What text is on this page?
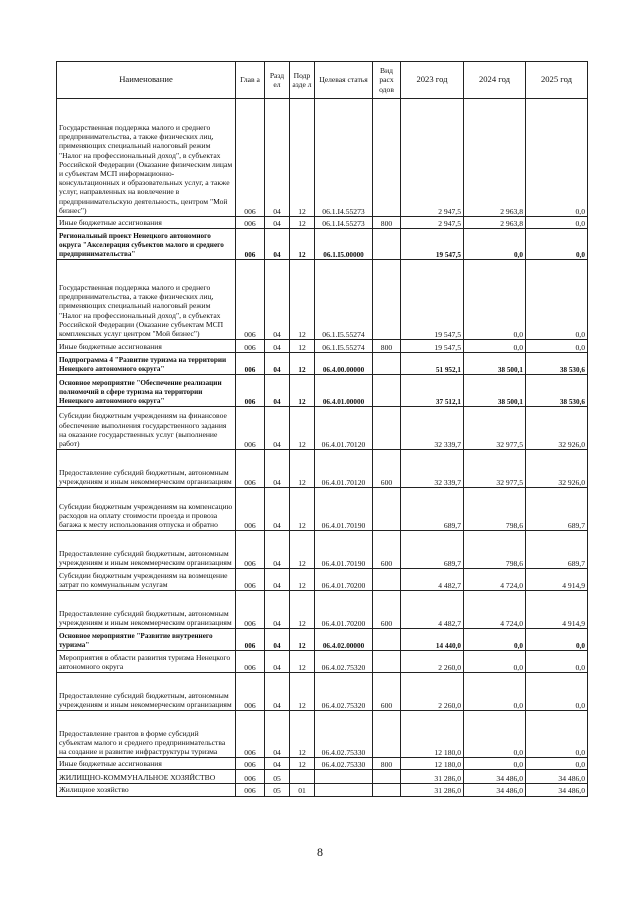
Наименование	Глав а	Разд ел	Подр азде л	Целевая статья	Вид расх одов	2023 год	2024 год	2025 год
Государственная поддержка малого и среднего предпринимательства, а также физических лиц, применяющих специальный налоговый режим "Налог на профессиональный доход", в субъектах Российской Федерации (Оказание физическим лицам и субъектам МСП информационно-консультационных и образовательных услуг, а также услуг, направленных на вовлечение в предпринимательскую деятельность, центром "Мой бизнес")	006	04	12	06.1.I4.55273		2 947,5	2 963,8	0,0
Иные бюджетные ассигнования	006	04	12	06.1.I4.55273	800	2 947,5	2 963,8	0,0
Региональный проект Ненецкого автономного округа "Акселерация субъектов малого и среднего предпринимательства"	006	04	12	06.1.I5.00000		19 547,5	0,0	0,0
Государственная поддержка малого и среднего предпринимательства, а также физических лиц, применяющих специальный налоговый режим "Налог на профессиональный доход", в субъектах Российской Федерации (Оказание субъектам МСП комплексных услуг центром "Мой бизнес")	006	04	12	06.1.I5.55274		19 547,5	0,0	0,0
Иные бюджетные ассигнования	006	04	12	06.1.I5.55274	800	19 547,5	0,0	0,0
Подпрограмма 4 "Развитие туризма на территории Ненецкого автономного округа"	006	04	12	06.4.00.00000		51 952,1	38 500,1	38 530,6
Основное мероприятие "Обеспечение реализации полномочий в сфере туризма на территории Ненецкого автономного округа"	006	04	12	06.4.01.00000		37 512,1	38 500,1	38 530,6
Субсидии бюджетным учреждениям на финансовое обеспечение выполнения государственного задания на оказание государственных услуг (выполнение работ)	006	04	12	06.4.01.70120		32 339,7	32 977,5	32 926,0
Предоставление субсидий бюджетным, автономным учреждениям и иным некоммерческим организациям	006	04	12	06.4.01.70120	600	32 339,7	32 977,5	32 926,0
Субсидии бюджетным учреждениям на компенсацию расходов на оплату стоимости проезда и провоза багажа к месту использования отпуска и обратно	006	04	12	06.4.01.70190		689,7	798,6	689,7
Предоставление субсидий бюджетным, автономным учреждениям и иным некоммерческим организациям	006	04	12	06.4.01.70190	600	689,7	798,6	689,7
Субсидии бюджетным учреждениям на возмещение затрат по коммунальным услугам	006	04	12	06.4.01.70200		4 482,7	4 724,0	4 914,9
Предоставление субсидий бюджетным, автономным учреждениям и иным некоммерческим организациям	006	04	12	06.4.01.70200	600	4 482,7	4 724,0	4 914,9
Основное мероприятие "Развитие внутреннего туризма"	006	04	12	06.4.02.00000		14 440,0	0,0	0,0
Мероприятия в области развития туризма Ненецкого автономного округа	006	04	12	06.4.02.75320		2 260,0	0,0	0,0
Предоставление субсидий бюджетным, автономным учреждениям и иным некоммерческим организациям	006	04	12	06.4.02.75320	600	2 260,0	0,0	0,0
Предоставление грантов в форме субсидий субъектам малого и среднего предпринимательства на создание и развитие инфраструктуры туризма	006	04	12	06.4.02.75330		12 180,0	0,0	0,0
Иные бюджетные ассигнования	006	04	12	06.4.02.75330	800	12 180,0	0,0	0,0
ЖИЛИЩНО-КОММУНАЛЬНОЕ ХОЗЯЙСТВО	006	05				31 286,0	34 486,0	34 486,0
Жилищное хозяйство	006	05	01			31 286,0	34 486,0	34 486,0
8
